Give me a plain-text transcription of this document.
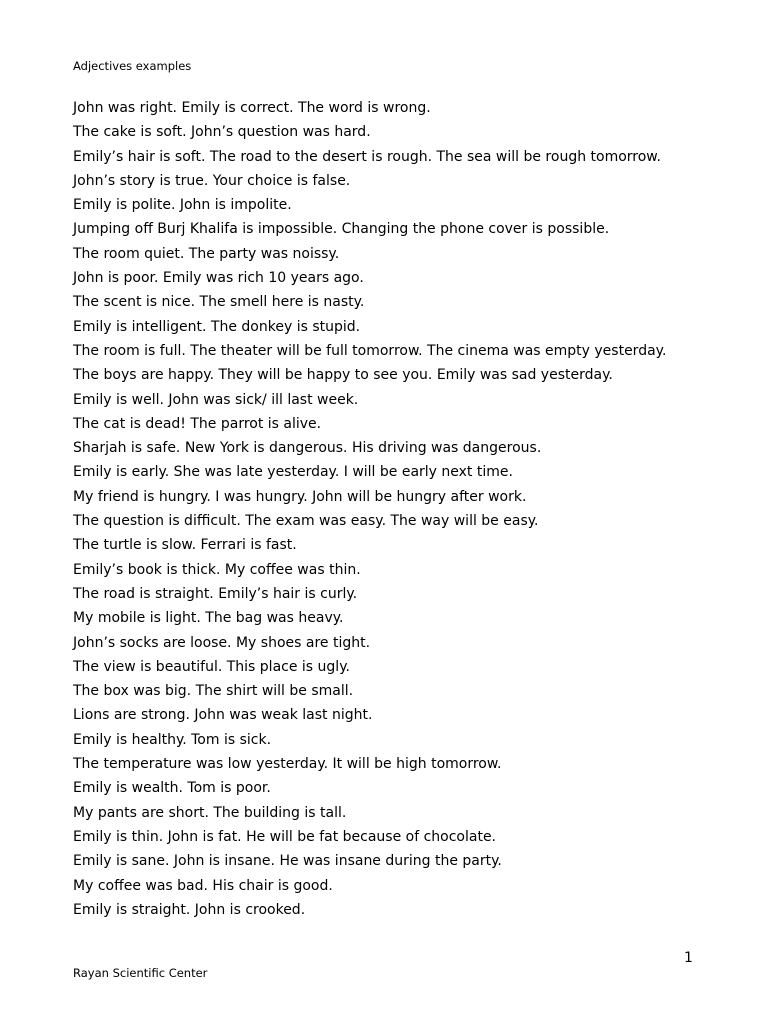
Adjectives examples
John was right. Emily is correct. The word is wrong.
The cake is soft. John’s question was hard.
Emily’s hair is soft. The road to the desert is rough. The sea will be rough tomorrow.
John’s story is true. Your choice is false.
Emily is polite. John is impolite.
Jumping off Burj Khalifa is impossible. Changing the phone cover is possible.
The room quiet. The party was noissy.
John is poor. Emily was rich 10 years ago.
The scent is nice. The smell here is nasty.
Emily is intelligent. The donkey is stupid.
The room is full. The theater will be full tomorrow. The cinema was empty yesterday.
The boys are happy. They will be happy to see you. Emily was sad yesterday.
Emily is well. John was sick/ ill last week.
The cat is dead! The parrot is alive.
Sharjah is safe. New York is dangerous. His driving was dangerous.
Emily is early. She was late yesterday. I will be early next time.
My friend is hungry. I was hungry. John will be hungry after work.
The question is difficult. The exam was easy. The way will be easy.
The turtle is slow. Ferrari is fast.
Emily’s book is thick. My coffee was thin.
The road is straight. Emily’s hair is curly.
My mobile is light. The bag was heavy.
John’s socks are loose. My shoes are tight.
The view is beautiful. This place is ugly.
The box was big. The shirt will be small.
Lions are strong. John was weak last night.
Emily is healthy. Tom is sick.
The temperature was low yesterday. It will be high tomorrow.
Emily is wealth. Tom is poor.
My pants are short. The building is tall.
Emily is thin. John is fat. He will be fat because of chocolate.
Emily is sane. John is insane. He was insane during the party.
My coffee was bad. His chair is good.
Emily is straight. John is crooked.
1
Rayan Scientific Center
